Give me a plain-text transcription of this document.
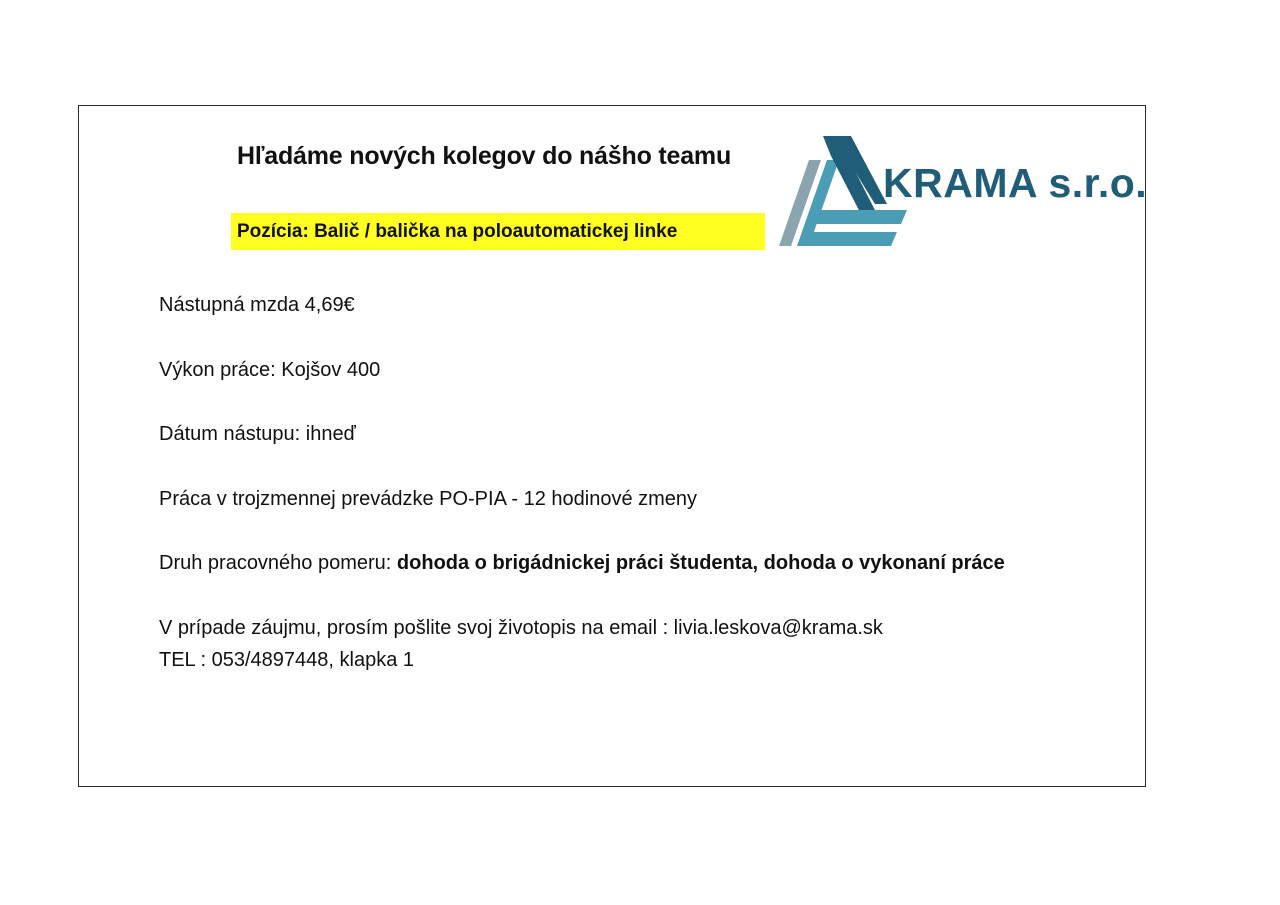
Hľadáme nových kolegov do nášho teamu
Pozícia: Balič / balička na poloautomatickej linke
KRAMA s.r.o.
Nástupná mzda 4,69€
Výkon práce: Kojšov 400
Dátum nástupu: ihneď
Práca v trojzmennej prevádzke PO-PIA - 12 hodinové zmeny
Druh pracovného pomeru: dohoda o brigádnickej práci študenta, dohoda o vykonaní práce
V prípade záujmu, prosím pošlite svoj životopis na email : livia.leskova@krama.sk
TEL : 053/4897448, klapka 1
